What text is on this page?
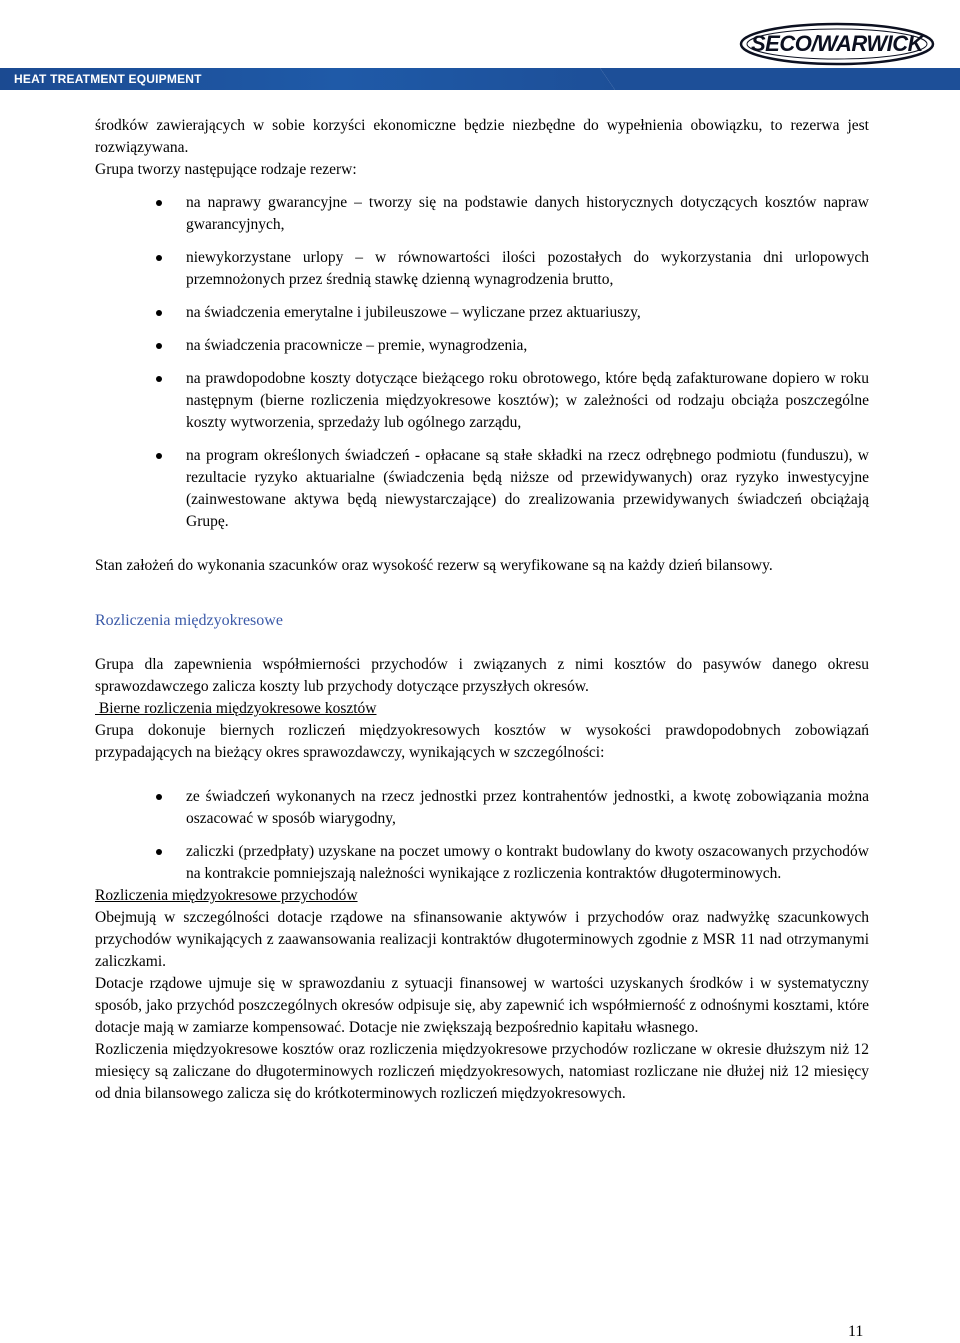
HEAT TREATMENT EQUIPMENT
SECO/WARWICK

środków zawierających w sobie korzyści ekonomiczne będzie niezbędne do wypełnienia obowiązku, to rezerwa jest rozwiązywana.

Grupa tworzy następujące rodzaje rezerw:

na naprawy gwarancyjne – tworzy się na podstawie danych historycznych dotyczących kosztów napraw gwarancyjnych,
niewykorzystane urlopy – w równowartości ilości pozostałych do wykorzystania dni urlopowych przemnożonych przez średnią stawkę dzienną wynagrodzenia brutto,
na świadczenia emerytalne i jubileuszowe – wyliczane przez aktuariuszy,
na świadczenia pracownicze – premie, wynagrodzenia,
na prawdopodobne koszty dotyczące bieżącego roku obrotowego, które będą zafakturowane dopiero w roku następnym (bierne rozliczenia międzyokresowe kosztów); w zależności od rodzaju obciąża poszczególne koszty wytworzenia, sprzedaży lub ogólnego zarządu,
na program określonych świadczeń - opłacane są stałe składki na rzecz odrębnego podmiotu (funduszu), w rezultacie ryzyko aktuarialne (świadczenia będą niższe od przewidywanych) oraz ryzyko inwestycyjne (zainwestowane aktywa będą niewystarczające) do zrealizowania przewidywanych świadczeń obciążają Grupę.

Stan założeń do wykonania szacunków oraz wysokość rezerw są weryfikowane są na każdy dzień bilansowy.

Rozliczenia międzyokresowe

Grupa dla zapewnienia współmierności przychodów i związanych z nimi kosztów do pasywów danego okresu sprawozdawczego zalicza koszty lub przychody dotyczące przyszłych okresów.

Bierne rozliczenia międzyokresowe kosztów

Grupa dokonuje biernych rozliczeń międzyokresowych kosztów w wysokości prawdopodobnych zobowiązań przypadających na bieżący okres sprawozdawczy, wynikających w szczególności:

ze świadczeń wykonanych na rzecz jednostki przez kontrahentów jednostki, a kwotę zobowiązania można oszacować w sposób wiarygodny,
zaliczki (przedpłaty) uzyskane na poczet umowy o kontrakt budowlany do kwoty oszacowanych przychodów na kontrakcie pomniejszają należności wynikające z rozliczenia kontraktów długoterminowych.

Rozliczenia międzyokresowe przychodów

Obejmują w szczególności dotacje rządowe na sfinansowanie aktywów i przychodów oraz nadwyżkę szacunkowych przychodów wynikających z zaawansowania realizacji kontraktów długoterminowych zgodnie z MSR 11 nad otrzymanymi zaliczkami.

Dotacje rządowe ujmuje się w sprawozdaniu z sytuacji finansowej w wartości uzyskanych środków i w systematyczny sposób, jako przychód poszczególnych okresów odpisuje się, aby zapewnić ich współmierność z odnośnymi kosztami, które dotacje mają w zamiarze kompensować. Dotacje nie zwiększają bezpośrednio kapitału własnego.

Rozliczenia międzyokresowe kosztów oraz rozliczenia międzyokresowe przychodów rozliczane w okresie dłuższym niż 12 miesięcy są zaliczane do długoterminowych rozliczeń międzyokresowych, natomiast rozliczane nie dłużej niż 12 miesięcy od dnia bilansowego zalicza się do krótkoterminowych rozliczeń międzyokresowych.

11
